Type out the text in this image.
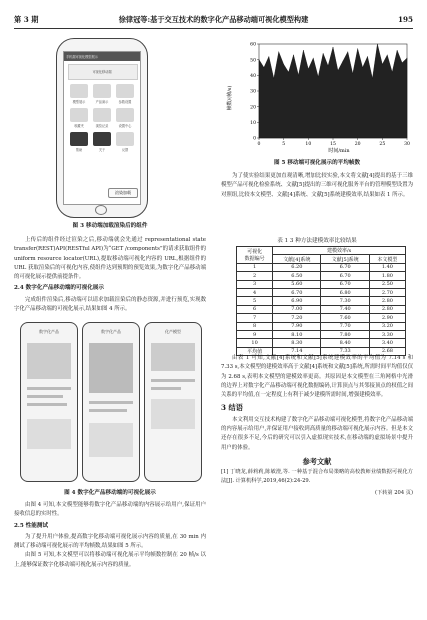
第 3 期	徐律冠等:基于交互技术的数字化产品移动端可视化模型构建	195
手机端可视化模型展示
可视化移动端
模型展示	产品演示	参数设置
收藏夹	浏览记录	设置中心
帮助	关于	反馈
渲染加载
图 3 移动端加载渲染后的组件

上传后的组件经过渲染之后,移动端就会先通过 representational state transfer(REST)API(RESTful API)为“GET /components”的请求获取组件的 uniform resource locator(URL),提取移动端可视化内容的 URL,根据组件的 URL 获取渲染后的可视化内容,使组件达到预期的预览效果,为数字化产品移动端的可视化展示提供前提条件。

2.4 数字化产品移动端的可视化展示

完成组件渲染后,移动端可以请求加载渲染后的静态资源,并进行预览,实现数字化产品移动端的可视化展示,结果如图 4 所示。

数字化产品	数字化产品	化产模型
图 4 数字化产品移动端的可视化展示

由图 4 可知,本文模型能够将数字化产品移动端的内容展示给用户,保证用户接收信息的实时性。

2.5 性能测试

为了提升用户体验,提高数字化移动端可视化展示内容的质量,在 30 min 内测试了移动端可视化展示的平均帧数,结果如图 5 所示。

由图 5 可知,本文模型可以将移动端可视化展示平均帧数控制在 20 帧/s 以上,能够保证数字化移动端可视化展示内容的质量。

0
10
20
30
40
50
60
0	5	10	15	20	25	30
帧数/(帧/s)
时间/min
图 5 移动端可视化展示的平均帧数

为了使实验结果更加直观清晰,增加比较实验,本文将文献[4]提出的基于三维模型产品可视化检验系统、文献[5]提出的三维可视化服务平台的管理模型设置为对照组,比较本文模型、文献[4]系统、文献[5]系统建模效率,结果如表 1 所示。

表 1 3 种方法建模效率比较结果
可视化
数据编号	建模效率/s		
	文献[4]系统	文献[5]系统	本文模型
1	6.20	6.70	1.40
2	6.50	6.70	1.80
3	5.60	6.70	2.50
4	6.70	6.80	2.70
5	6.90	7.30	2.80
6	7.00	7.40	2.80
7	7.20	7.60	2.90
8	7.90	7.70	3.20
9	8.10	7.80	3.30
10	8.30	8.40	3.40
平均值	7.14	7.33	2.68

由表 1 可知,文献[4]系统和文献[5]系统建模效率的平均值为 7.14 s 和 7.33 s,本文模型的建模效率高于文献[4]系统和文献[5]系统,所需时间平均值仅仅为 2.68 s,表明本文模型的建模效率更高。其原因是本文模型在三角网格中光滑的边界上对数字化产品移动端可视化数据编码,计算顶点与其邻接顶点的权值之间关系的平均值,在一定程度上有利于减少建模所需时间,增强建模效率。

3 结语

本文利用交互技术构建了数字化产品移动端可视化模型,将数字化产品移动端的内容展示给用户,并保证用户接收到高质量的移动端可视化展示内容。但是本文还存在很多不足,今后的研究可以引入虚拟现实技术,在移动端的虚拟场景中提升用户的体验。

参考文献
[1] 丁晓龙,薛莉莉,陈敏澄,等. 一种基于混合布局策略的高校教师业绩数据可视化方法[J]. 计算机科学,2019,46(2):24-29.
(下转第 204 页)
